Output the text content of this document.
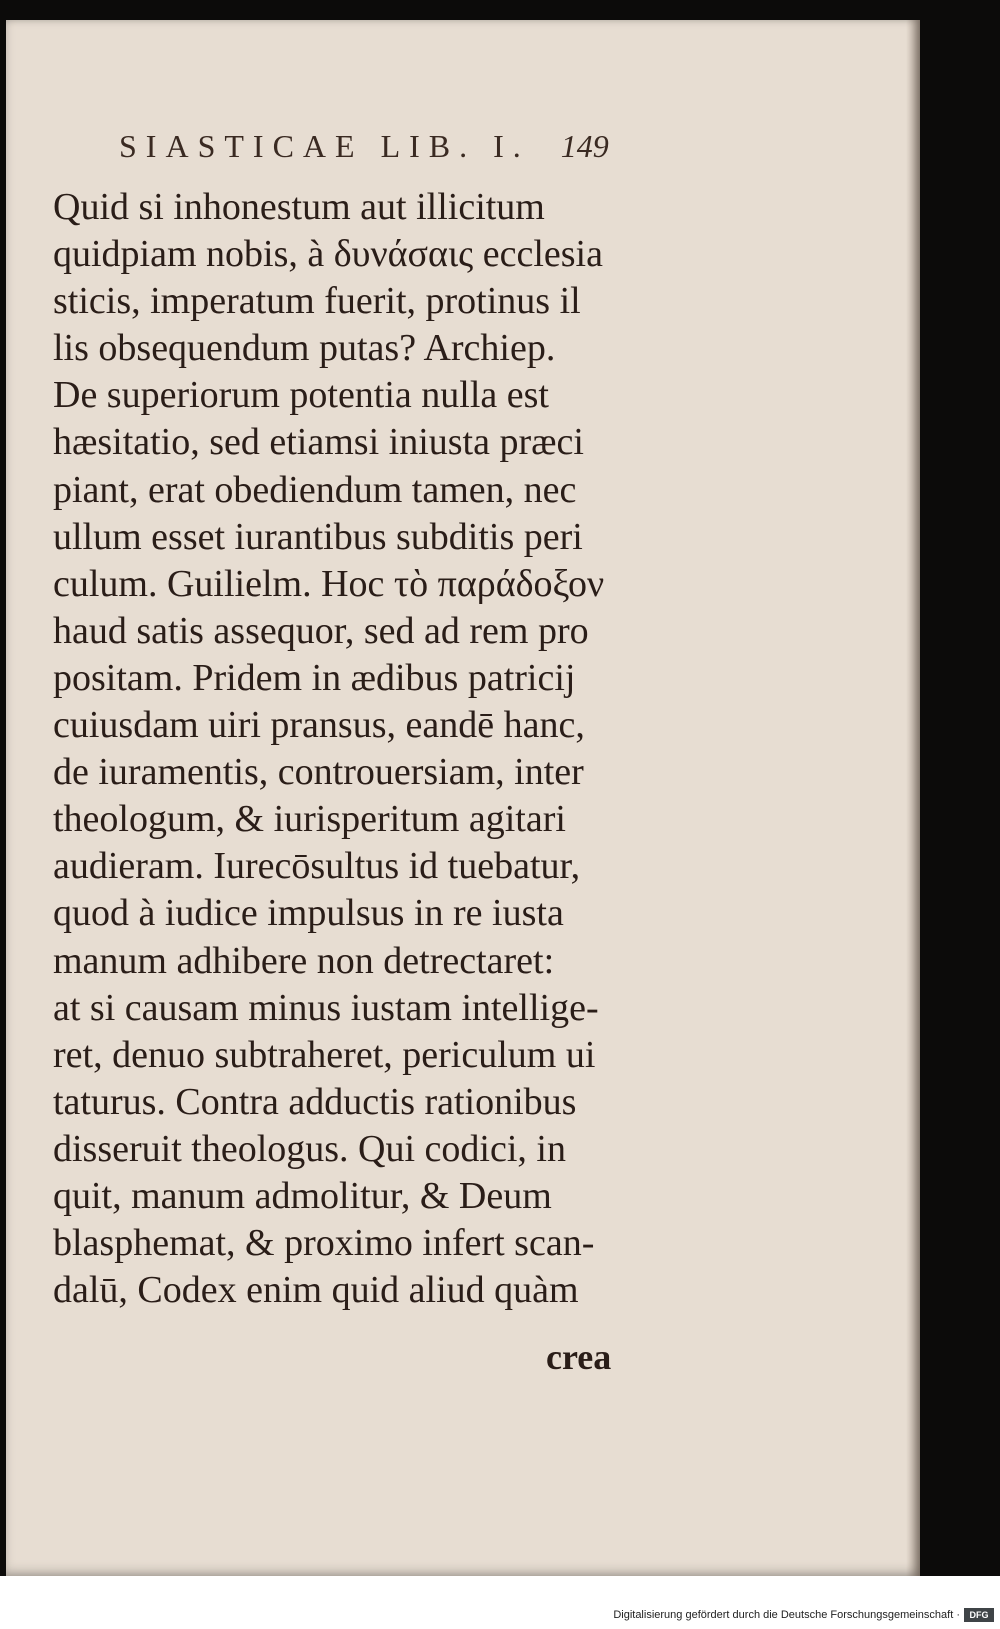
SIASTICAE LIB. I. 149
Quid si inhonestum aut illicitum
quidpiam nobis, à δυνάσαις ecclesia
sticis, imperatum fuerit, protinus il
lis obsequendum putas? Archiep.
De superiorum potentia nulla est
hæsitatio, sed etiamsi iniusta præci
piant, erat obediendum tamen, nec
ullum esset iurantibus subditis peri
culum. Guilielm. Hoc τὸ παράδοξον
haud satis assequor, sed ad rem pro
positam. Pridem in ædibus patricij
cuiusdam uiri pransus, eandē hanc,
de iuramentis, controuersiam, inter
theologum, & iurisperitum agitari
audieram. Iurecōsultus id tuebatur,
quod à iudice impulsus in re iusta
manum adhibere non detrectaret:
at si causam minus iustam intellige-
ret, denuo subtraheret, periculum ui
taturus. Contra adductis rationibus
disseruit theologus. Qui codici, in
quit, manum admolitur, & Deum
blasphemat, & proximo infert scan-
dalū, Codex enim quid aliud quàm
crea
Digitalisierung gefördert durch die Deutsche Forschungsgemeinschaft ·	DFG
